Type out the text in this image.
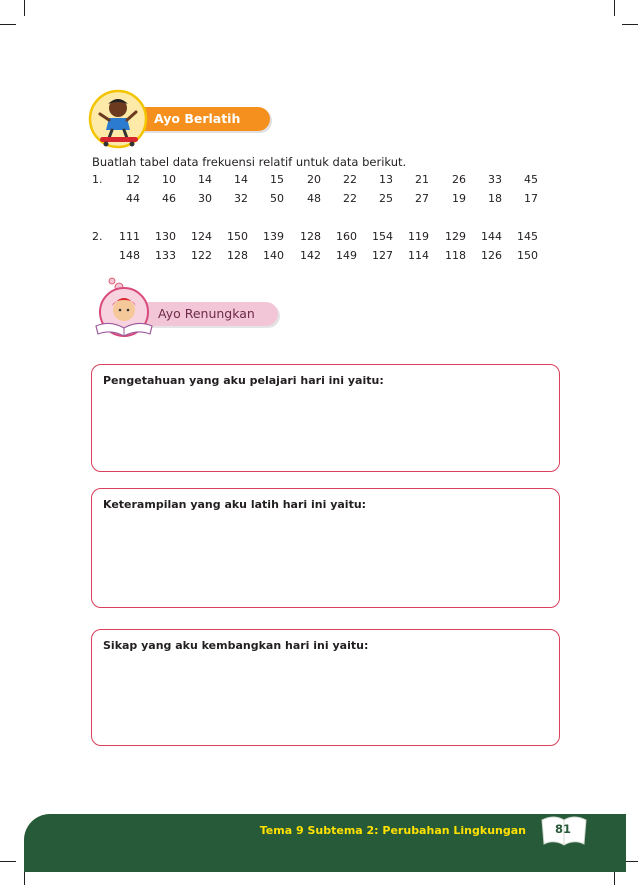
Ayo Berlatih
Buatlah tabel data frekuensi relatif untuk data berikut.
1.	12	10	14	14	15	20	22	13	21	26	33	45
44	46	30	32	50	48	22	25	27	19	18	17
2.	111	130	124	150	139	128	160	154	119	129	144	145
148	133	122	128	140	142	149	127	114	118	126	150
Ayo Renungkan
Pengetahuan yang aku pelajari hari ini yaitu:
Keterampilan yang aku latih hari ini yaitu:
Sikap yang aku kembangkan hari ini yaitu:
Tema 9 Subtema 2: Perubahan Lingkungan	81
